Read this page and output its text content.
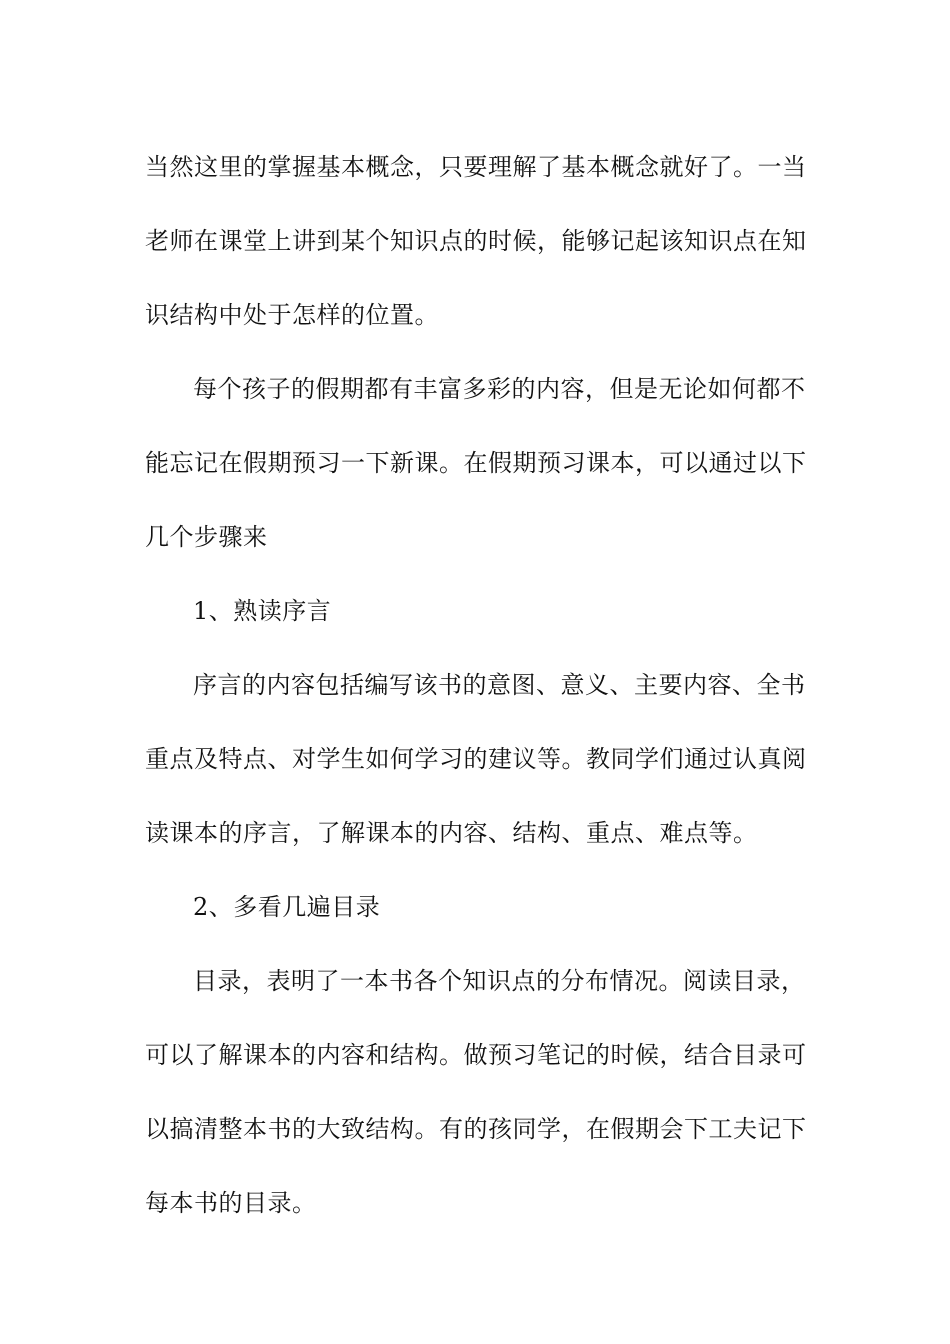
当然这里的掌握基本概念，只要理解了基本概念就好了。一当

老师在课堂上讲到某个知识点的时候，能够记起该知识点在知

识结构中处于怎样的位置。

每个孩子的假期都有丰富多彩的内容，但是无论如何都不

能忘记在假期预习一下新课。在假期预习课本，可以通过以下

几个步骤来

1、熟读序言

序言的内容包括编写该书的意图、意义、主要内容、全书

重点及特点、对学生如何学习的建议等。教同学们通过认真阅

读课本的序言，了解课本的内容、结构、重点、难点等。

2、多看几遍目录

目录，表明了一本书各个知识点的分布情况。阅读目录，

可以了解课本的内容和结构。做预习笔记的时候，结合目录可

以搞清整本书的大致结构。有的孩同学，在假期会下工夫记下

每本书的目录。
